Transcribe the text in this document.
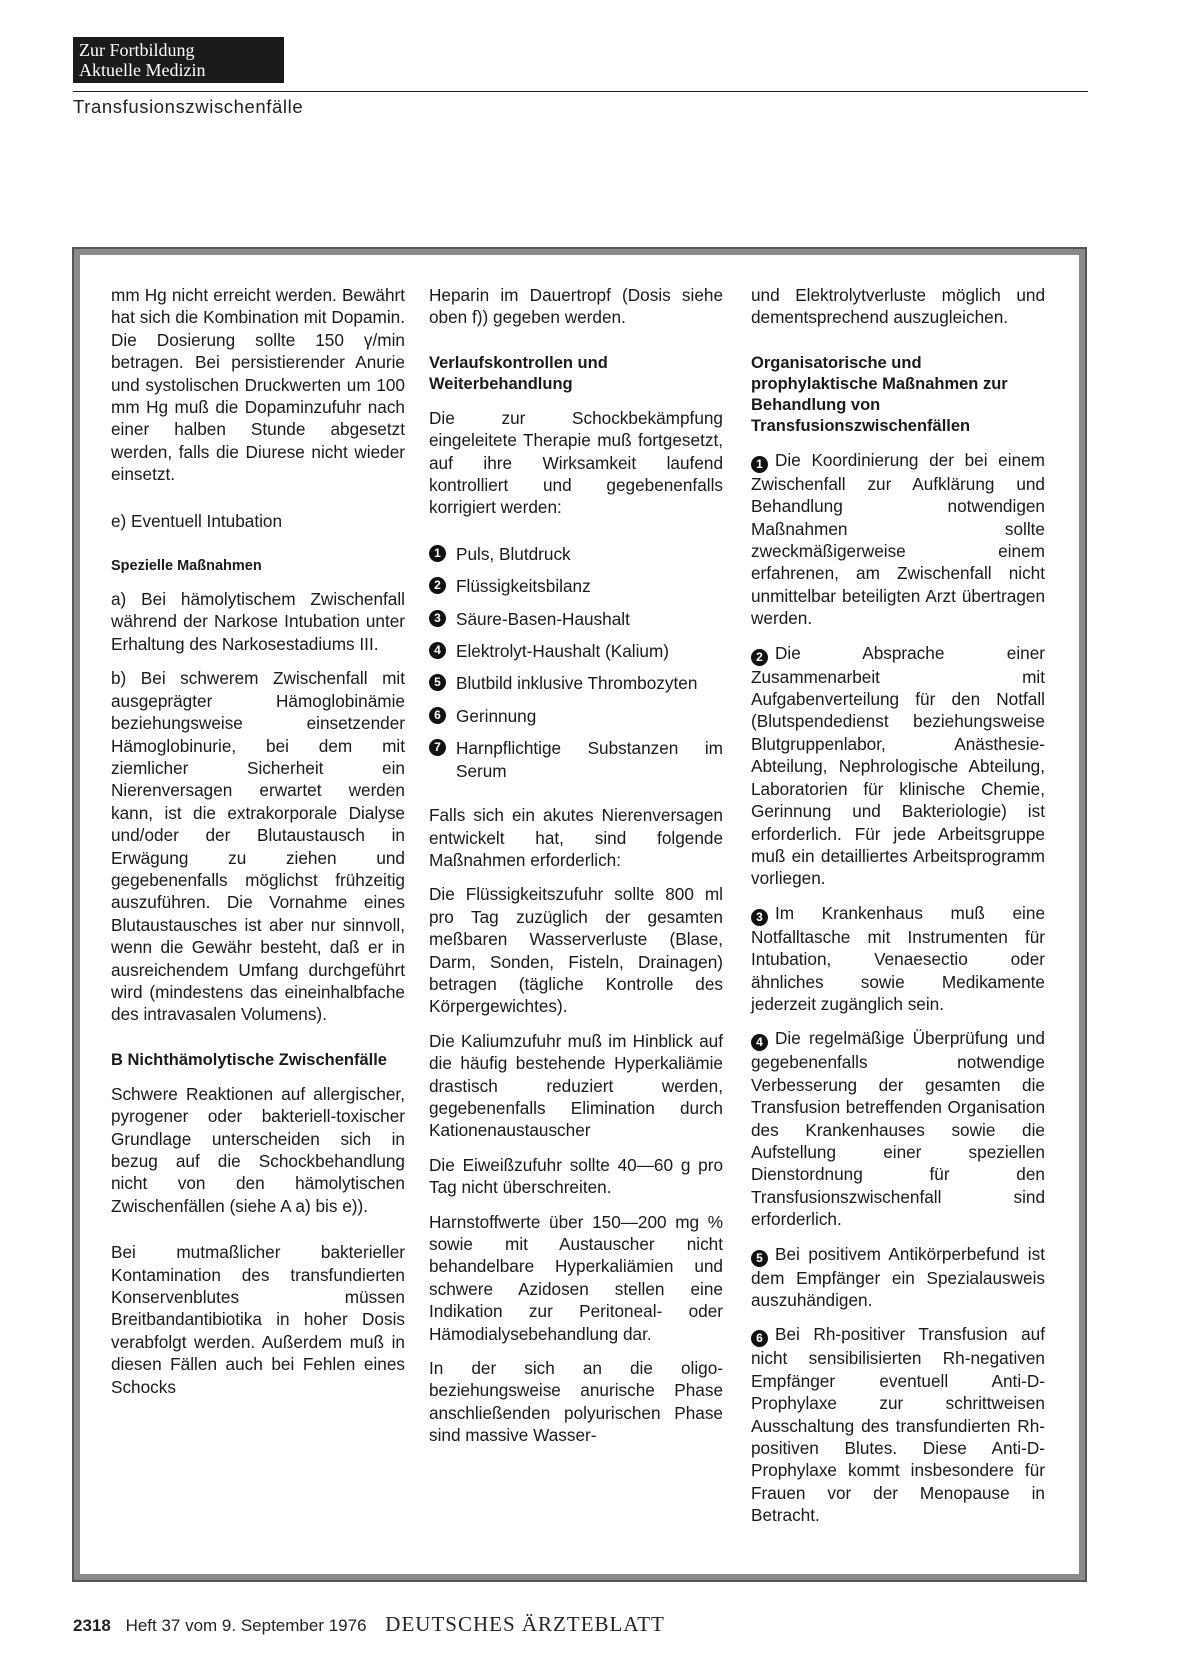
Zur Fortbildung
Aktuelle Medizin
Transfusionszwischenfälle

mm Hg nicht erreicht werden. Bewährt hat sich die Kombination mit Dopamin. Die Dosierung sollte 150 γ/min betragen. Bei persistierender Anurie und systolischen Druckwerten um 100 mm Hg muß die Dopaminzufuhr nach einer halben Stunde abgesetzt werden, falls die Diurese nicht wieder einsetzt.

e) Eventuell Intubation

Spezielle Maßnahmen

a) Bei hämolytischem Zwischenfall während der Narkose Intubation unter Erhaltung des Narkosestadiums III.

b) Bei schwerem Zwischenfall mit ausgeprägter Hämoglobinämie beziehungsweise einsetzender Hämoglobinurie, bei dem mit ziemlicher Sicherheit ein Nierenversagen erwartet werden kann, ist die extrakorporale Dialyse und/oder der Blutaustausch in Erwägung zu ziehen und gegebenenfalls möglichst frühzeitig auszuführen. Die Vornahme eines Blutaustausches ist aber nur sinnvoll, wenn die Gewähr besteht, daß er in ausreichendem Umfang durchgeführt wird (mindestens das eineinhalbfache des intravasalen Volumens).

B Nichthämolytische Zwischenfälle

Schwere Reaktionen auf allergischer, pyrogener oder bakteriell-toxischer Grundlage unterscheiden sich in bezug auf die Schockbehandlung nicht von den hämolytischen Zwischenfällen (siehe A a) bis e)).

Bei mutmaßlicher bakterieller Kontamination des transfundierten Konservenblutes müssen Breitbandantibiotika in hoher Dosis verabfolgt werden. Außerdem muß in diesen Fällen auch bei Fehlen eines Schocks

Heparin im Dauertropf (Dosis siehe oben f)) gegeben werden.

Verlaufskontrollen und Weiterbehandlung

Die zur Schockbekämpfung eingeleitete Therapie muß fortgesetzt, auf ihre Wirksamkeit laufend kontrolliert und gegebenenfalls korrigiert werden:

1 Puls, Blutdruck
2 Flüssigkeitsbilanz
3 Säure-Basen-Haushalt
4 Elektrolyt-Haushalt (Kalium)
5 Blutbild inklusive Thrombozyten
6 Gerinnung
7 Harnpflichtige Substanzen im Serum

Falls sich ein akutes Nierenversagen entwickelt hat, sind folgende Maßnahmen erforderlich:

Die Flüssigkeitszufuhr sollte 800 ml pro Tag zuzüglich der gesamten meßbaren Wasserverluste (Blase, Darm, Sonden, Fisteln, Drainagen) betragen (tägliche Kontrolle des Körpergewichtes).

Die Kaliumzufuhr muß im Hinblick auf die häufig bestehende Hyperkaliämie drastisch reduziert werden, gegebenenfalls Elimination durch Kationenaustauscher

Die Eiweißzufuhr sollte 40—60 g pro Tag nicht überschreiten.

Harnstoffwerte über 150—200 mg % sowie mit Austauscher nicht behandelbare Hyperkaliämien und schwere Azidosen stellen eine Indikation zur Peritoneal- oder Hämodialysebehandlung dar.

In der sich an die oligo- beziehungsweise anurische Phase anschließenden polyurischen Phase sind massive Wasser-

und Elektrolytverluste möglich und dementsprechend auszugleichen.

Organisatorische und prophylaktische Maßnahmen zur Behandlung von Transfusionszwischenfällen

1 Die Koordinierung der bei einem Zwischenfall zur Aufklärung und Behandlung notwendigen Maßnahmen sollte zweckmäßigerweise einem erfahrenen, am Zwischenfall nicht unmittelbar beteiligten Arzt übertragen werden.

2 Die Absprache einer Zusammenarbeit mit Aufgabenverteilung für den Notfall (Blutspendedienst beziehungsweise Blutgruppenlabor, Anästhesie-Abteilung, Nephrologische Abteilung, Laboratorien für klinische Chemie, Gerinnung und Bakteriologie) ist erforderlich. Für jede Arbeitsgruppe muß ein detailliertes Arbeitsprogramm vorliegen.

3 Im Krankenhaus muß eine Notfalltasche mit Instrumenten für Intubation, Venaesectio oder ähnliches sowie Medikamente jederzeit zugänglich sein.

4 Die regelmäßige Überprüfung und gegebenenfalls notwendige Verbesserung der gesamten die Transfusion betreffenden Organisation des Krankenhauses sowie die Aufstellung einer speziellen Dienstordnung für den Transfusionszwischenfall sind erforderlich.

5 Bei positivem Antikörperbefund ist dem Empfänger ein Spezialausweis auszuhändigen.

6 Bei Rh-positiver Transfusion auf nicht sensibilisierten Rh-negativen Empfänger eventuell Anti-D-Prophylaxe zur schrittweisen Ausschaltung des transfundierten Rh-positiven Blutes. Diese Anti-D-Prophylaxe kommt insbesondere für Frauen vor der Menopause in Betracht.

2318 Heft 37 vom 9. September 1976 DEUTSCHES ÄRZTEBLATT
